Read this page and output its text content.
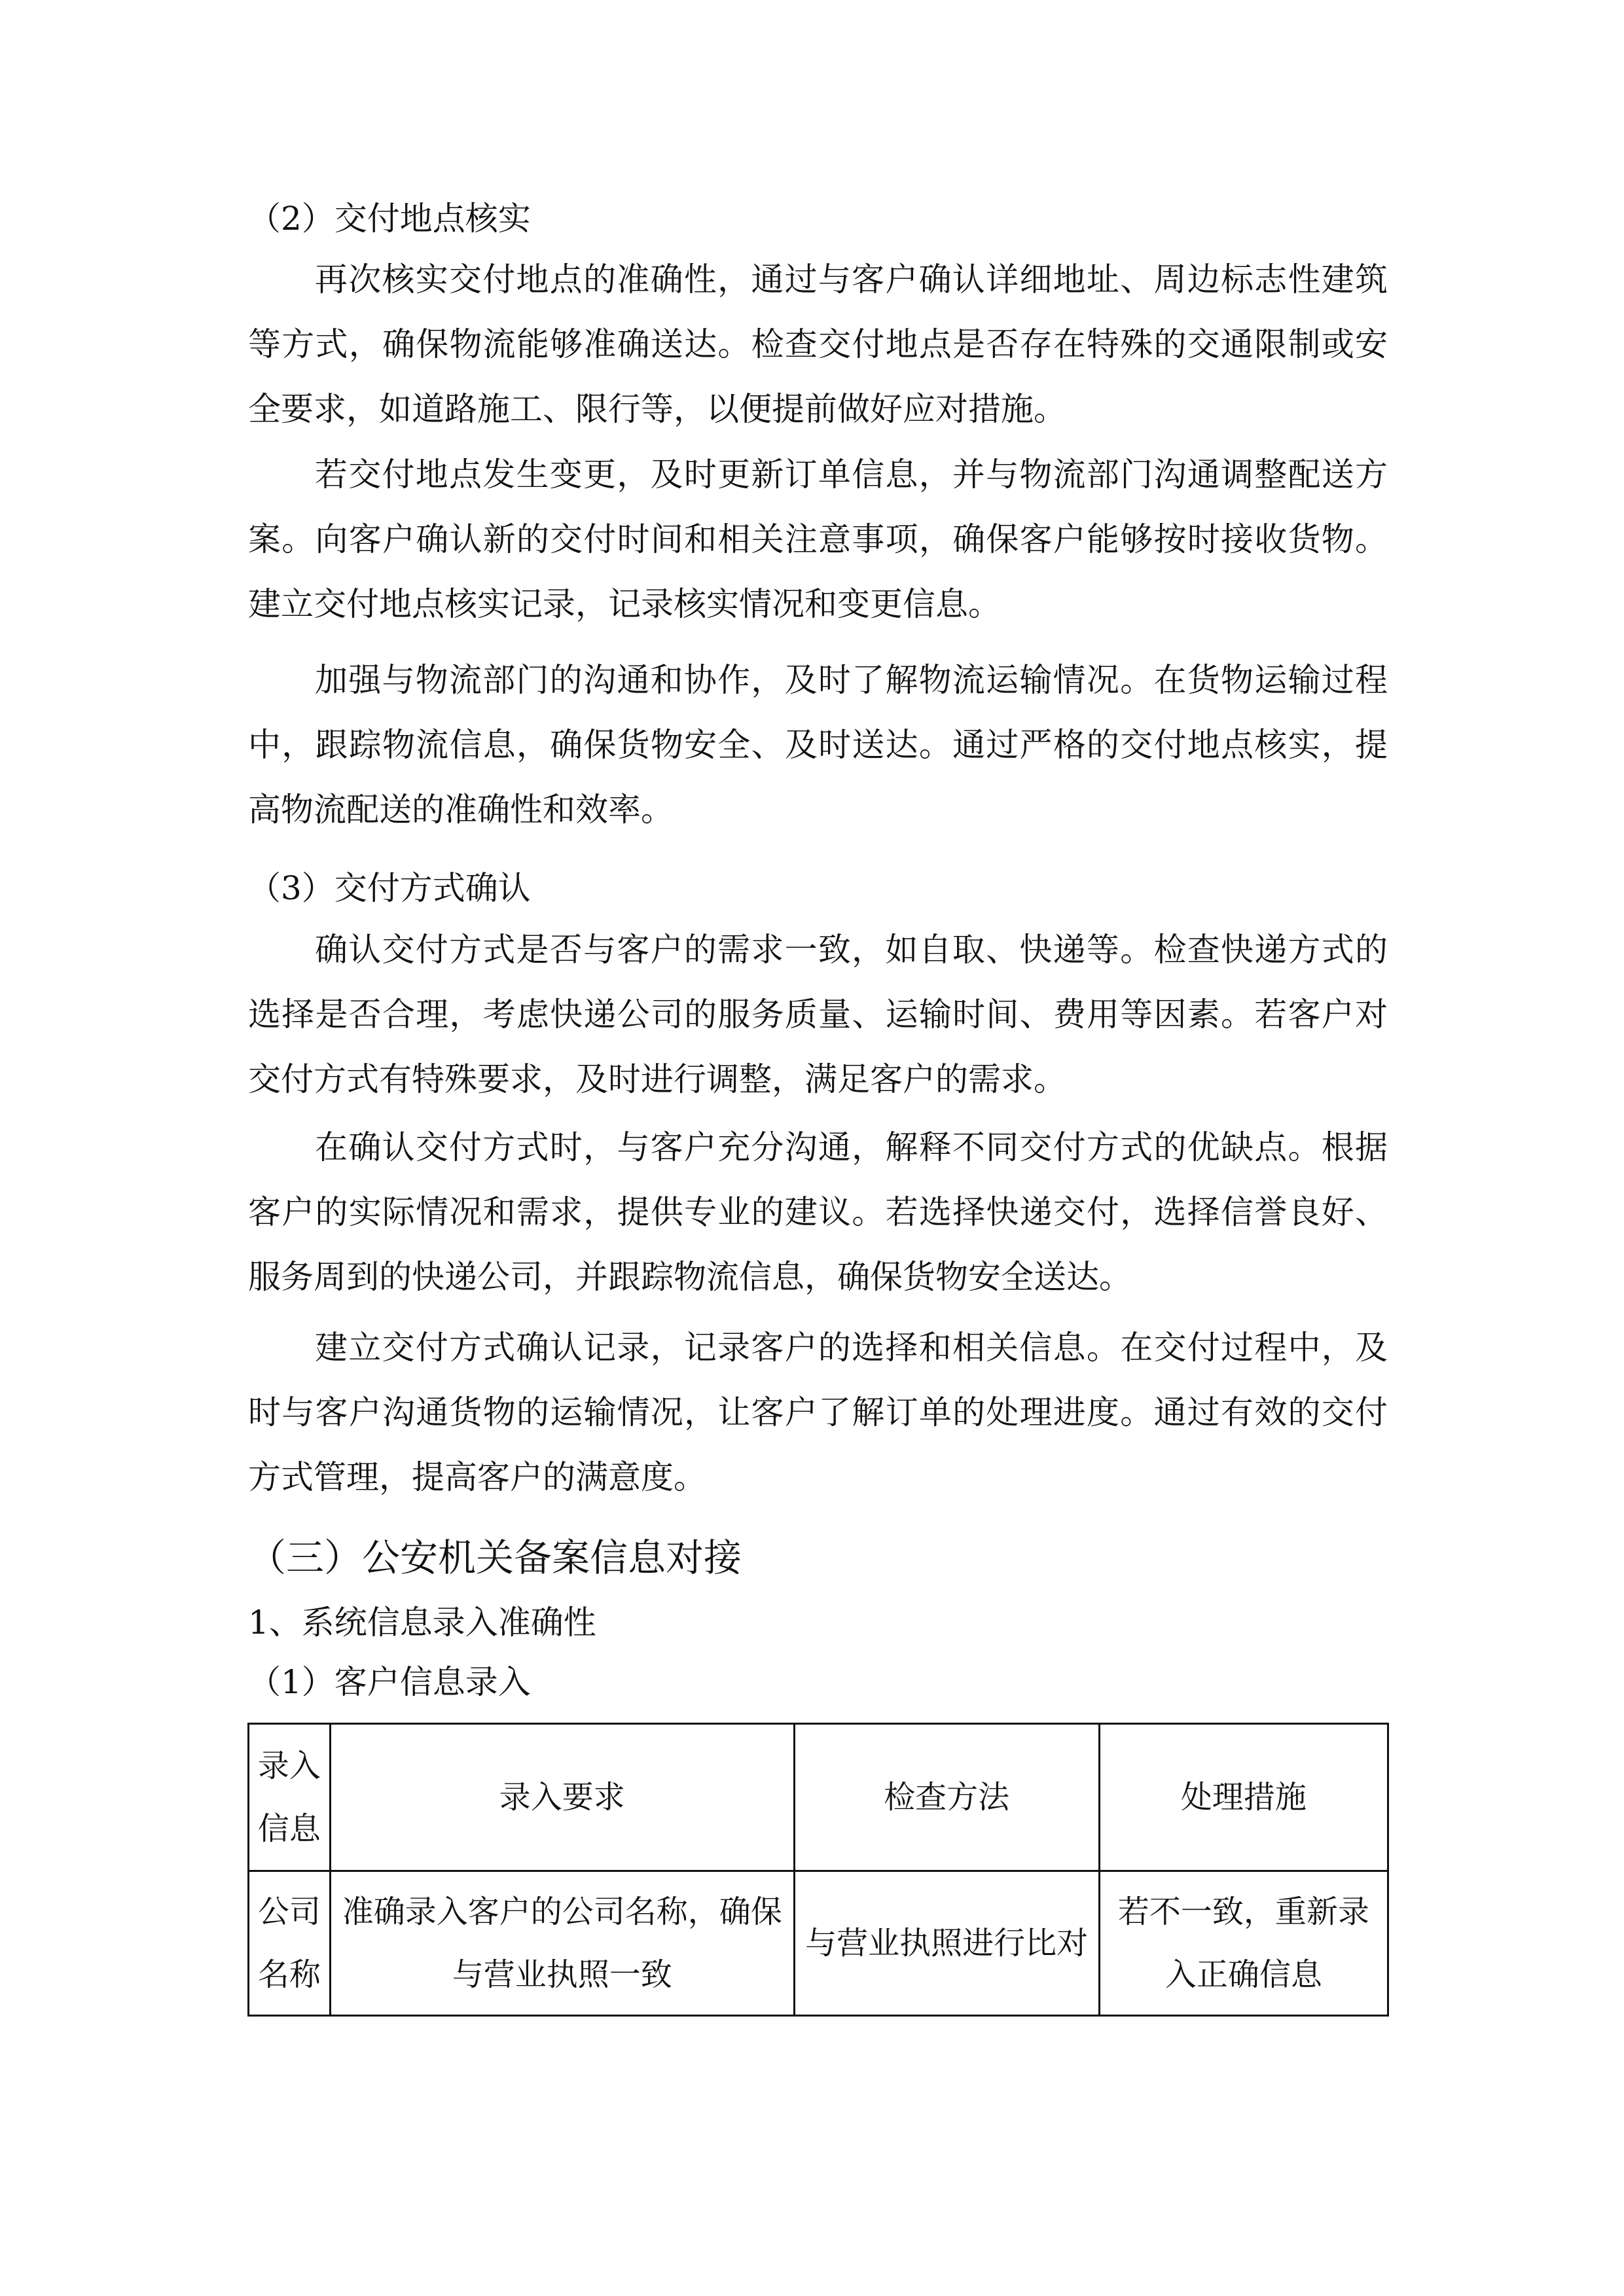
（2）交付地点核实
再次核实交付地点的准确性，通过与客户确认详细地址、周边标志性建筑等方式，确保物流能够准确送达。检查交付地点是否存在特殊的交通限制或安全要求，如道路施工、限行等，以便提前做好应对措施。
若交付地点发生变更，及时更新订单信息，并与物流部门沟通调整配送方案。向客户确认新的交付时间和相关注意事项，确保客户能够按时接收货物。建立交付地点核实记录，记录核实情况和变更信息。
加强与物流部门的沟通和协作，及时了解物流运输情况。在货物运输过程中，跟踪物流信息，确保货物安全、及时送达。通过严格的交付地点核实，提高物流配送的准确性和效率。
（3）交付方式确认
确认交付方式是否与客户的需求一致，如自取、快递等。检查快递方式的选择是否合理，考虑快递公司的服务质量、运输时间、费用等因素。若客户对交付方式有特殊要求，及时进行调整，满足客户的需求。
在确认交付方式时，与客户充分沟通，解释不同交付方式的优缺点。根据客户的实际情况和需求，提供专业的建议。若选择快递交付，选择信誉良好、服务周到的快递公司，并跟踪物流信息，确保货物安全送达。
建立交付方式确认记录，记录客户的选择和相关信息。在交付过程中，及时与客户沟通货物的运输情况，让客户了解订单的处理进度。通过有效的交付方式管理，提高客户的满意度。
（三）公安机关备案信息对接
1、系统信息录入准确性
（1）客户信息录入
录入信息	录入要求	检查方法	处理措施
公司名称	准确录入客户的公司名称，确保与营业执照一致	与营业执照进行比对	若不一致，重新录入正确信息
